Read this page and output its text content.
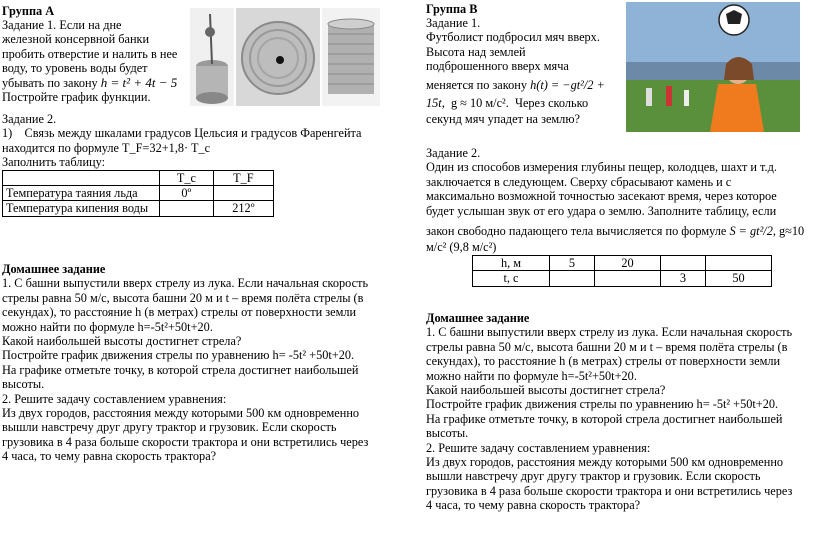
Группа А
Задание 1. Если на дне
железной консервной банки
пробить отверстие и налить в нее
воду, то уровень воды будет
убывать по закону h = t² + 4t − 5
Постройте график функции.
Задание 2.
1) Связь между шкалами градусов Цельсия и градусов Фаренгейта
находится по формуле T_F=32+1,8· T_c
Заполнить таблицу:
	T_c	T_F
Температура таяния льда	0º	
Температура кипения воды		212º
Домашнее задание
1. С башни выпустили вверх стрелу из лука. Если начальная скорость
стрелы равна 50 м/с, высота башни 20 м и t – время полёта стрелы (в
секундах), то расстояние h (в метрах) стрелы от поверхности земли
можно найти по формуле h=-5t²+50t+20.
Какой наибольшей высоты достигнет стрела?
Постройте график движения стрелы по уравнению h= -5t² +50t+20.
На графике отметьте точку, в которой стрела достигнет наибольшей
высоты.
2. Решите задачу составлением уравнения:
Из двух городов, расстояния между которыми 500 км одновременно
вышли навстречу друг другу трактор и грузовик. Если скорость
грузовика в 4 раза больше скорости трактора и они встретились через
4 часа, то чему равна скорость трактора?
Группа В
Задание 1.
Футболист подбросил мяч вверх.
Высота над землей
подброшенного вверх мяча
меняется по закону h(t) = −gt²/2 +
15t, g ≈ 10 м/с². Через сколько
секунд мяч упадет на землю?
Задание 2.
Один из способов измерения глубины пещер, колодцев, шахт и т.д.
заключается в следующем. Сверху сбрасывают камень и с
максимально возможной точностью засекают время, через которое
будет услышан звук от его удара о землю. Заполните таблицу, если
закон свободно падающего тела вычисляется по формуле S = gt²/2, g≈10
м/с² (9,8 м/с²)
h, м	5	20		
t, с			3	50
Домашнее задание
1. С башни выпустили вверх стрелу из лука. Если начальная скорость
стрелы равна 50 м/с, высота башни 20 м и t – время полёта стрелы (в
секундах), то расстояние h (в метрах) стрелы от поверхности земли
можно найти по формуле h=-5t²+50t+20.
Какой наибольшей высоты достигнет стрела?
Постройте график движения стрелы по уравнению h= -5t² +50t+20.
На графике отметьте точку, в которой стрела достигнет наибольшей
высоты.
2. Решите задачу составлением уравнения:
Из двух городов, расстояния между которыми 500 км одновременно
вышли навстречу друг другу трактор и грузовик. Если скорость
грузовика в 4 раза больше скорости трактора и они встретились через
4 часа, то чему равна скорость трактора?
